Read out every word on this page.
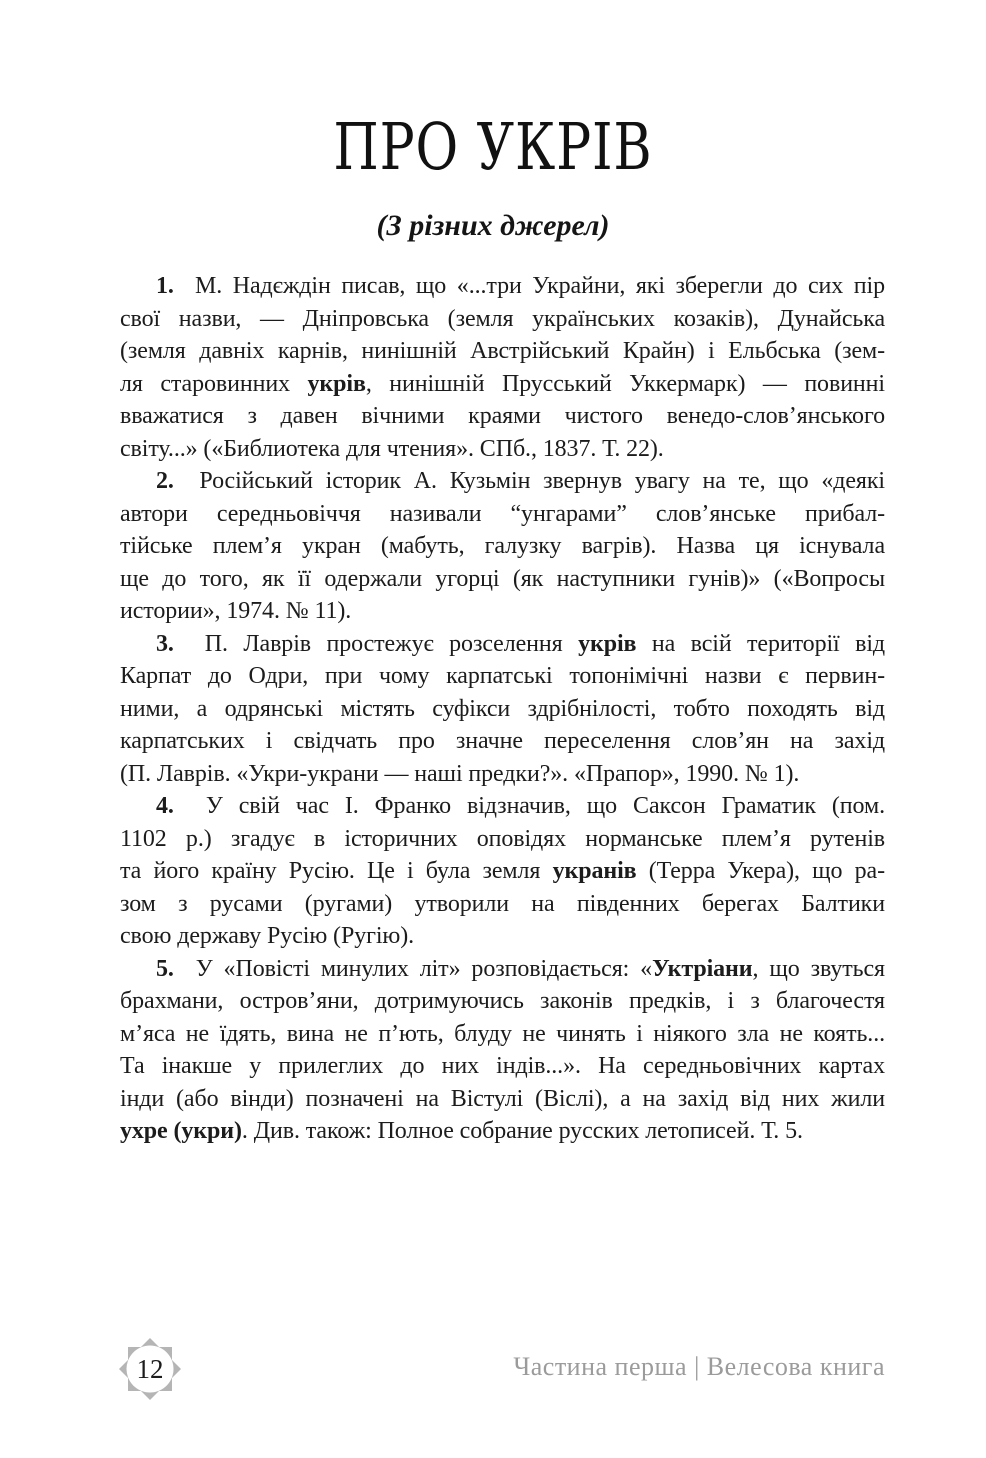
ПРО УКРІВ
(З різних джерел)
1.  М. Надєждін писав, що «...три Украйни, які зберегли до сих пір
свої назви, — Дніпровська (земля українських козаків), Дунайська
(земля давніх карнів, нинішній Австрійський Крайн) і Ельбська (зем-
ля старовинних укрів, нинішній Прусський Уккермарк) — повинні
вважатися з давен вічними краями чистого венедо-слов’янського
світу...» («Библиотека для чтения». СПб., 1837. Т. 22).
2.  Російський історик А. Кузьмін звернув увагу на те, що «деякі
автори середньовіччя називали “унгарами” слов’янське прибал-
тійське плем’я укран (мабуть, галузку вагрів). Назва ця існувала
ще до того, як її одержали угорці (як наступники гунів)» («Вопросы
истории», 1974. № 11).
3.  П. Лаврів простежує розселення укрів на всій території від
Карпат до Одри, при чому карпатські топонімічні назви є первин-
ними, а одрянські містять суфікси здрібнілості, тобто походять від
карпатських і свідчать про значне переселення слов’ян на захід
(П. Лаврів. «Укри-украни — наші предки?». «Прапор», 1990. № 1).
4.  У свій час І. Франко відзначив, що Саксон Граматик (пом.
1102 р.) згадує в історичних оповідях норманське плем’я рутенів
та його країну Русію. Це і була земля укранів (Терра Укера), що ра-
зом з русами (ругами) утворили на південних берегах Балтики
свою державу Русію (Ругію).
5.  У «Повісті минулих літ» розповідається: «Уктріани, що звуться
брахмани, остров’яни, дотримуючись законів предків, і з благочестя
м’яса не їдять, вина не п’ють, блуду не чинять і ніякого зла не коять...
Та інакше у прилеглих до них індів...». На середньовічних картах
інди (або вінди) позначені на Вістулі (Віслі), а на захід від них жили
ухре (укри). Див. також: Полное собрание русских летописей. Т. 5.
12	Частина перша | Велесова книга
